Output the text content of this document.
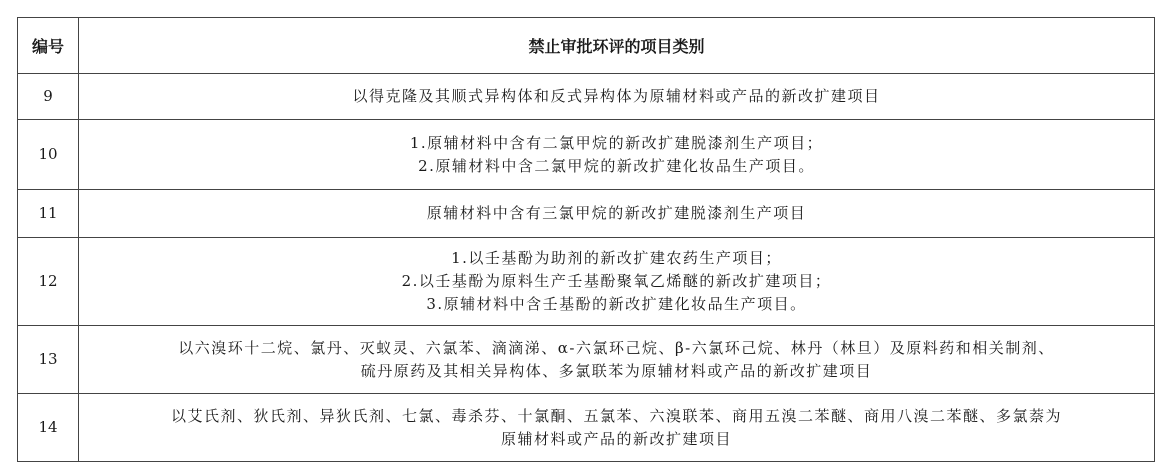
编号	禁止审批环评的项目类别
9	以得克隆及其顺式异构体和反式异构体为原辅材料或产品的新改扩建项目

10	1.原辅材料中含有二氯甲烷的新改扩建脱漆剂生产项目；
2.原辅材料中含二氯甲烷的新改扩建化妆品生产项目。

11	原辅材料中含有三氯甲烷的新改扩建脱漆剂生产项目

12	1.以壬基酚为助剂的新改扩建农药生产项目；
2.以壬基酚为原料生产壬基酚聚氧乙烯醚的新改扩建项目；
3.原辅材料中含壬基酚的新改扩建化妆品生产项目。

13	以六溴环十二烷、氯丹、灭蚁灵、六氯苯、滴滴涕、α-六氯环己烷、β-六氯环己烷、林丹（林旦）及原料药和相关制剂、
硫丹原药及其相关异构体、多氯联苯为原辅材料或产品的新改扩建项目

14	以艾氏剂、狄氏剂、异狄氏剂、七氯、毒杀芬、十氯酮、五氯苯、六溴联苯、商用五溴二苯醚、商用八溴二苯醚、多氯萘为
原辅材料或产品的新改扩建项目
